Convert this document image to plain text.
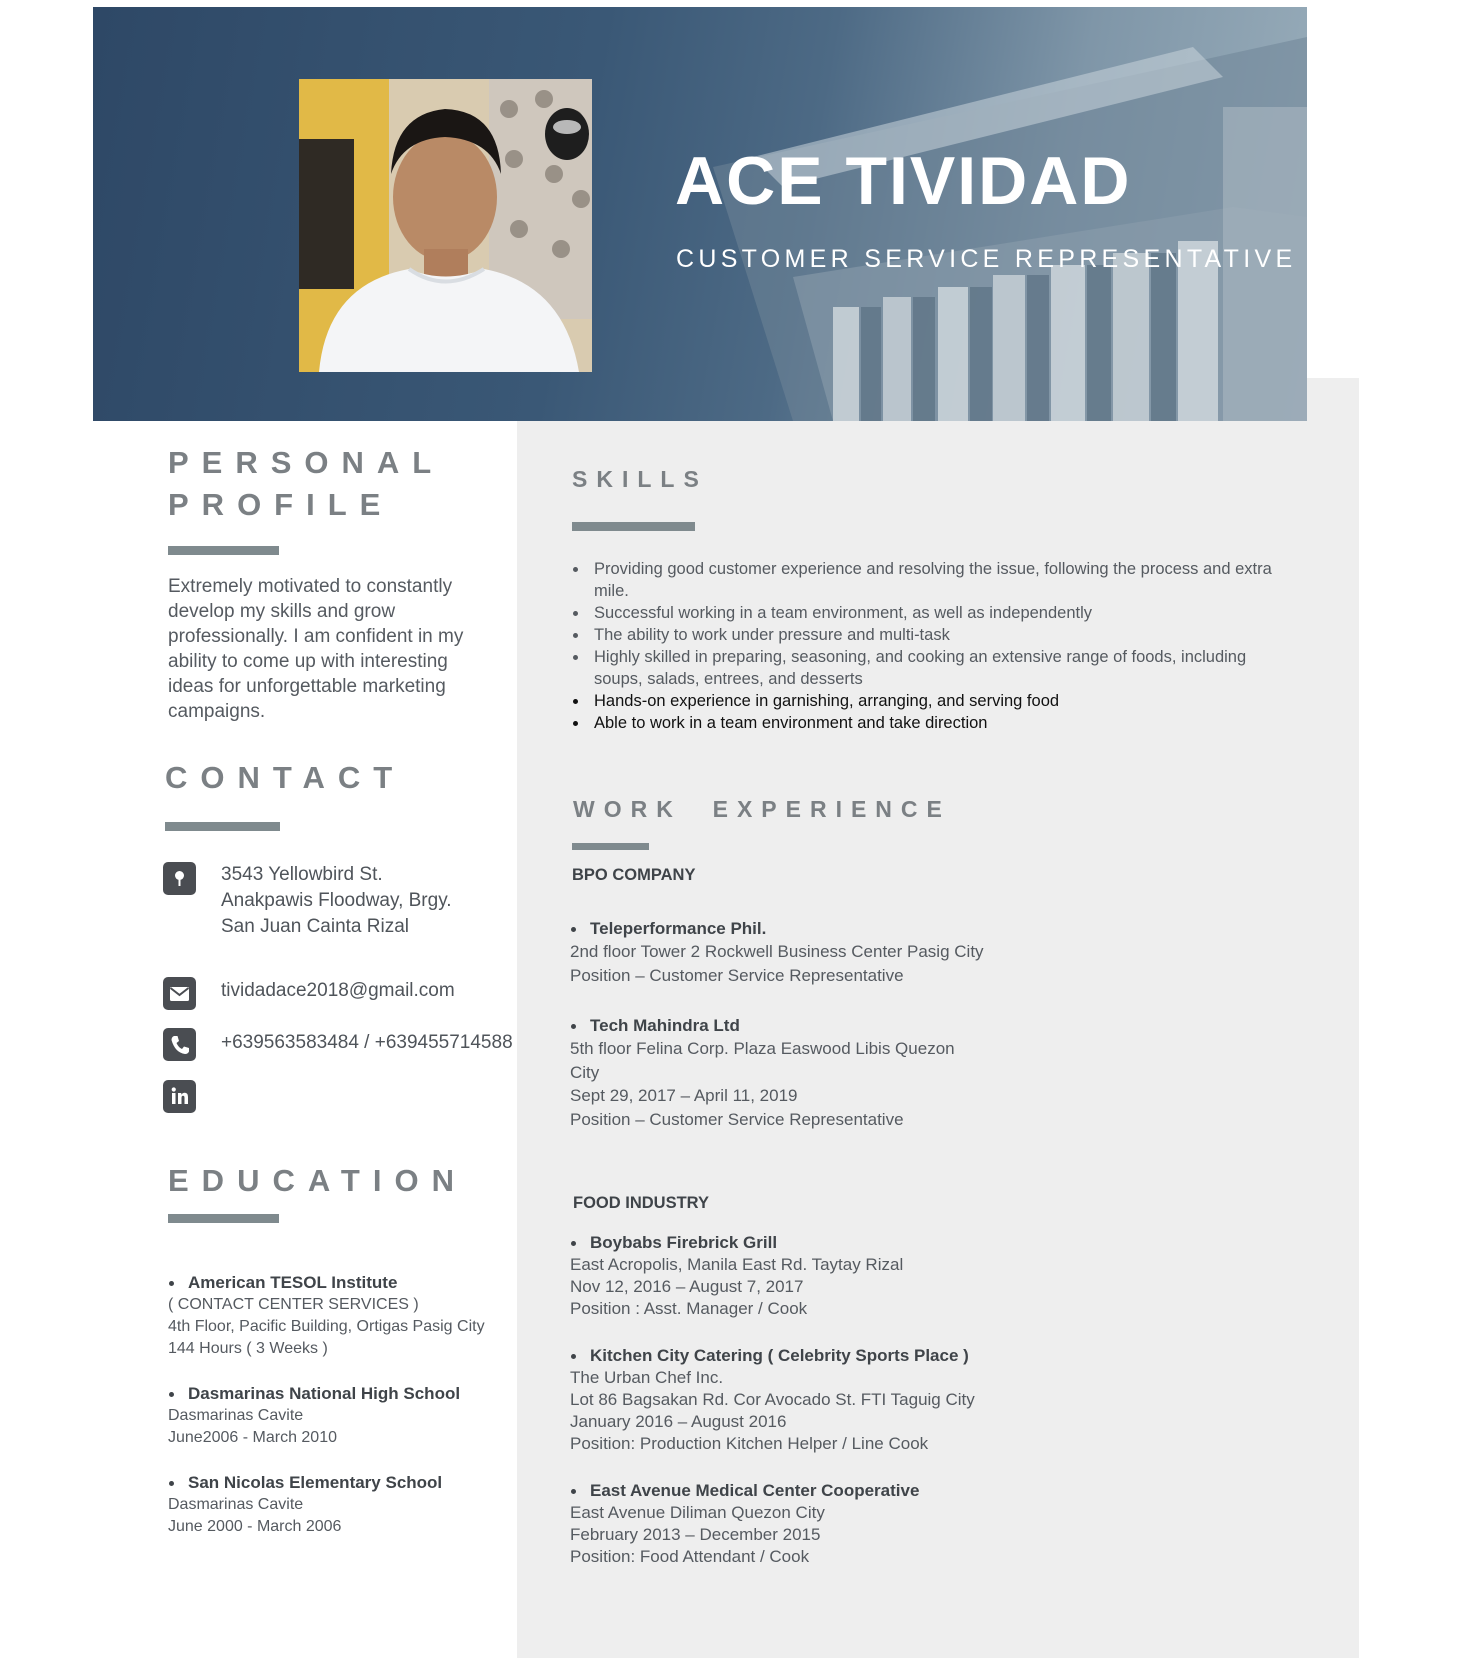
ACE TIVIDAD

CUSTOMER SERVICE REPRESENTATIVE

PERSONAL PROFILE

Extremely motivated to constantly develop my skills and grow professionally. I am confident in my ability to come up with interesting ideas for unforgettable marketing campaigns.

CONTACT
3543 Yellowbird St.
Anakpawis Floodway, Brgy.
San Juan Cainta Rizal
tividadace2018@gmail.com
+639563583484 / +639455714588
EDUCATION

American TESOL Institute

( CONTACT CENTER SERVICES )

4th Floor, Pacific Building, Ortigas Pasig City

144 Hours ( 3 Weeks )

Dasmarinas National High School

Dasmarinas Cavite

June2006 - March 2010

San Nicolas Elementary School

Dasmarinas Cavite

June 2000 - March 2006

SKILLS
Providing good customer experience and resolving the issue, following the process and extra mile.
Successful working in a team environment, as well as independently
The ability to work under pressure and multi-task
Highly skilled in preparing, seasoning, and cooking an extensive range of foods, including soups, salads, entrees, and desserts
Hands-on experience in garnishing, arranging, and serving food
Able to work in a team environment and take direction
WORK  EXPERIENCE

BPO COMPANY

Teleperformance Phil.

2nd floor Tower 2 Rockwell Business Center Pasig City

Position – Customer Service Representative

Tech Mahindra Ltd

5th floor Felina Corp. Plaza Easwood Libis Quezon

City

Sept 29, 2017 – April 11, 2019

Position – Customer Service Representative

FOOD INDUSTRY

Boybabs Firebrick Grill

East Acropolis, Manila East Rd. Taytay Rizal

Nov 12, 2016 – August 7, 2017

Position : Asst. Manager / Cook

Kitchen City Catering ( Celebrity Sports Place )

The Urban Chef Inc.

Lot 86 Bagsakan Rd. Cor Avocado St. FTI Taguig City

January 2016 – August 2016

Position: Production Kitchen Helper / Line Cook

East Avenue Medical Center Cooperative

East Avenue Diliman Quezon City

February 2013 – December 2015

Position: Food Attendant / Cook
